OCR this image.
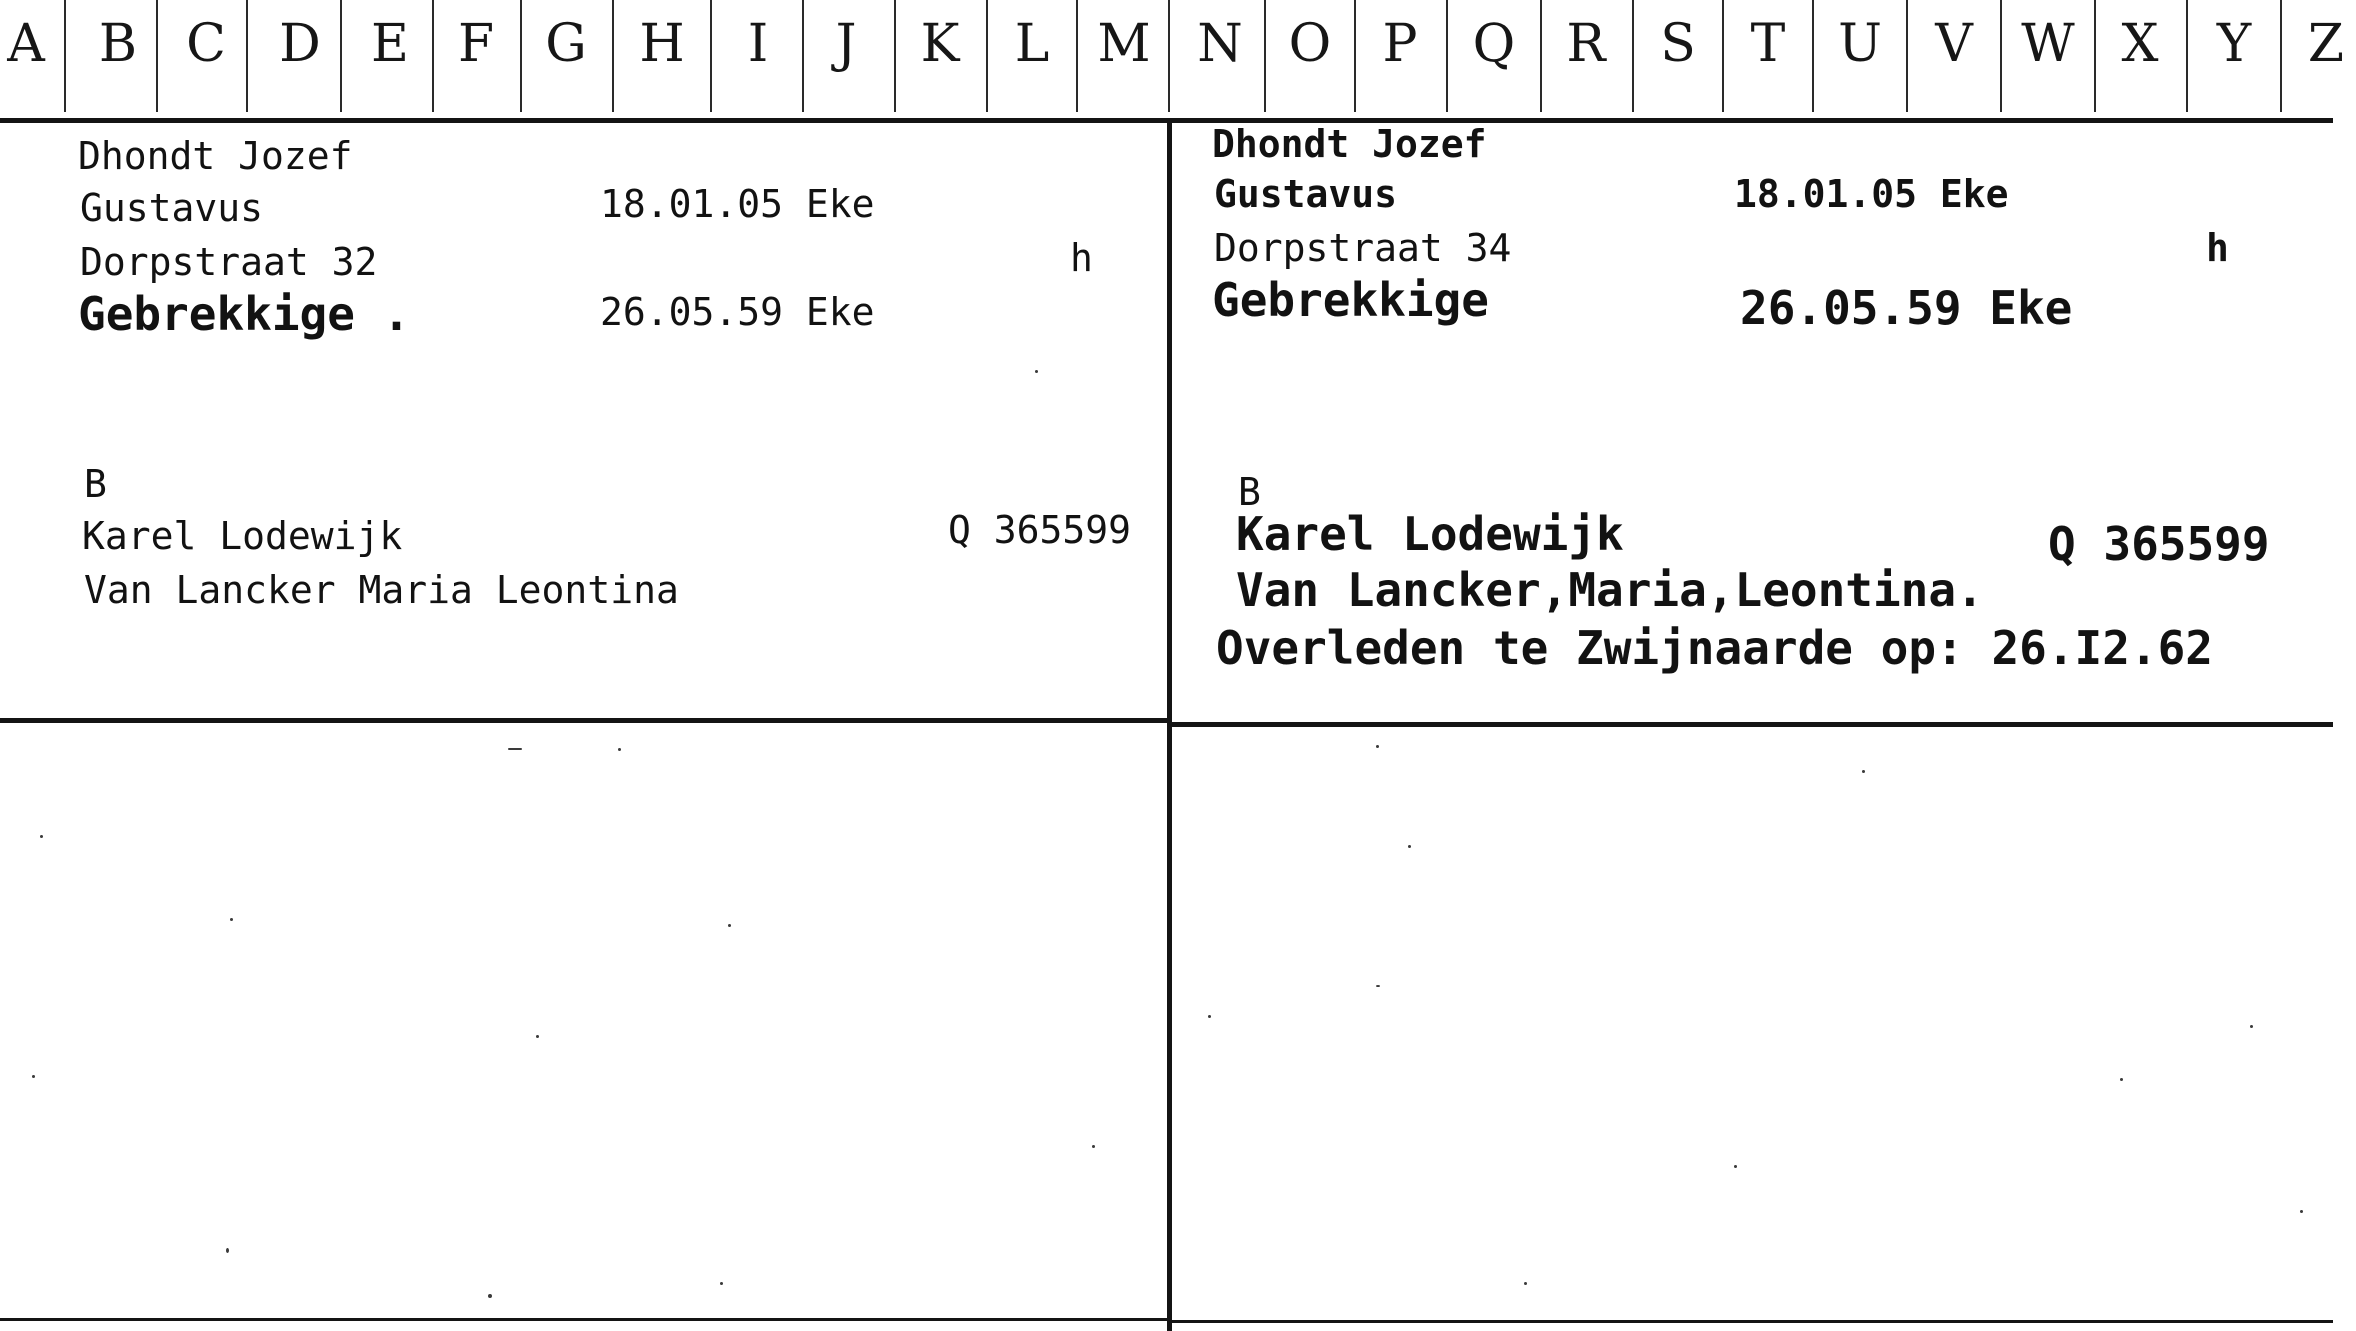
A B C D E F G H	I	J	K L M N O P Q R S T U V W X Y Z
Dhondt Jozef
Gustavus	18.01.05 Eke
Dorpstraat 32	h
Gebrekkige .	26.05.59 Eke
B
Karel Lodewijk	Q 365599
Van Lancker Maria Leontina
Dhondt Jozef
Gustavus	18.01.05 Eke
Dorpstraat 34	h
Gebrekkige	26.05.59 Eke
B
Karel Lodewijk	Q 365599
Van Lancker,Maria,Leontina.
Overleden te Zwijnaarde op: 26.I2.62
